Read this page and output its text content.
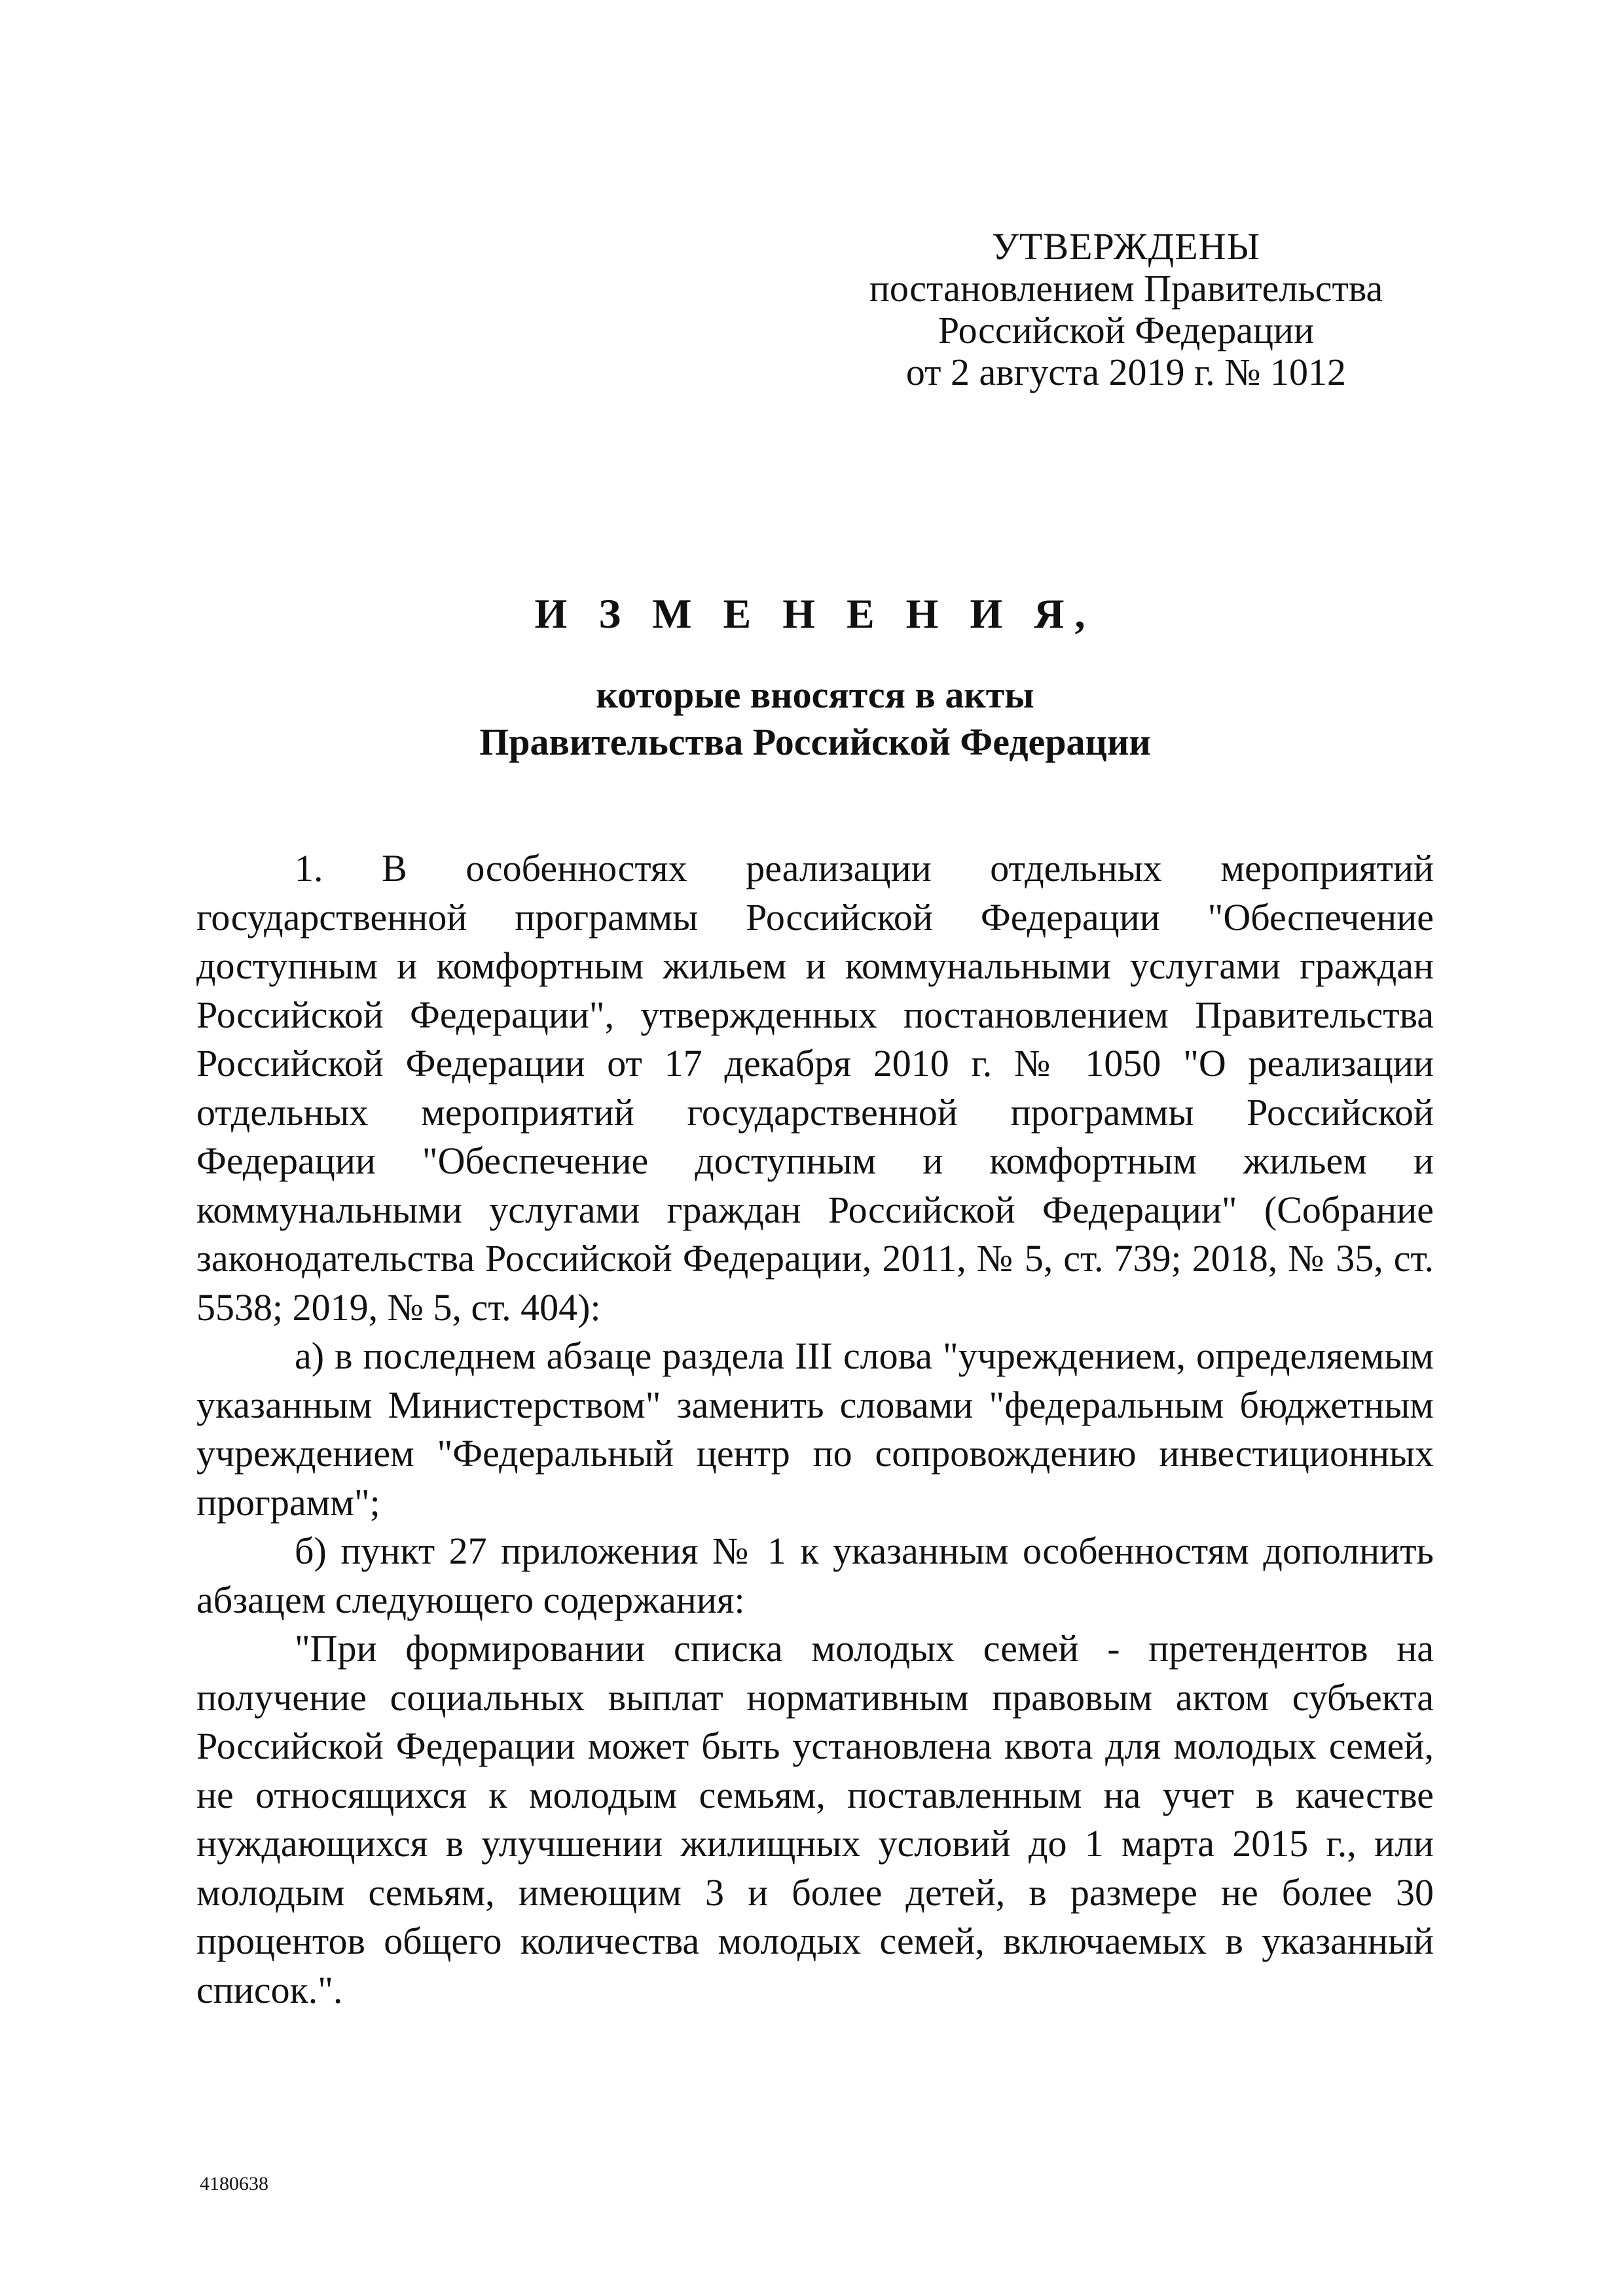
УТВЕРЖДЕНЫ
постановлением Правительства
Российской Федерации
от 2 августа 2019 г. № 1012
И З М Е Н Е Н И Я,
которые вносятся в акты
Правительства Российской Федерации

1. В особенностях реализации отдельных мероприятий государственной программы Российской Федерации "Обеспечение доступным и комфортным жильем и коммунальными услугами граждан Российской Федерации", утвержденных постановлением Правительства Российской Федерации от 17 декабря 2010 г. № 1050 "О реализации отдельных мероприятий государственной программы Российской Федерации "Обеспечение доступным и комфортным жильем и коммунальными услугами граждан Российской Федерации" (Собрание законодательства Российской Федерации, 2011, № 5, ст. 739; 2018, № 35, ст. 5538; 2019, № 5, ст. 404):

а) в последнем абзаце раздела III слова "учреждением, определяемым указанным Министерством" заменить словами "федеральным бюджетным учреждением "Федеральный центр по сопровождению инвестиционных программ";

б) пункт 27 приложения № 1 к указанным особенностям дополнить абзацем следующего содержания:

"При формировании списка молодых семей - претендентов на получение социальных выплат нормативным правовым актом субъекта Российской Федерации может быть установлена квота для молодых семей, не относящихся к молодым семьям, поставленным на учет в качестве нуждающихся в улучшении жилищных условий до 1 марта 2015 г., или молодым семьям, имеющим 3 и более детей, в размере не более 30 процентов общего количества молодых семей, включаемых в указанный список.".

4180638
